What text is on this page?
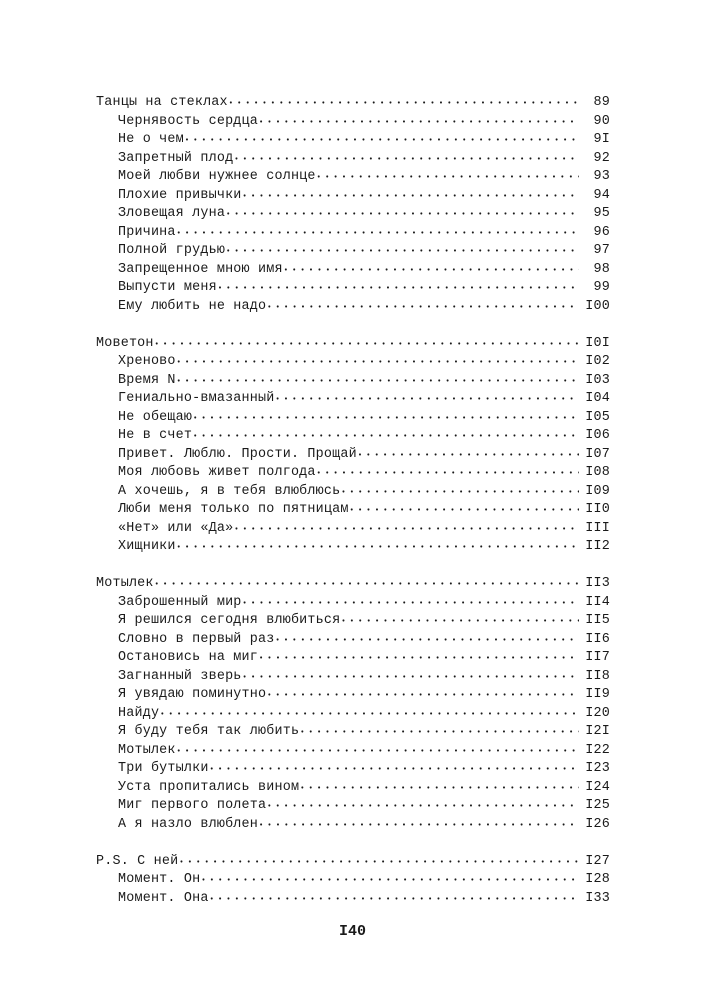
Танцы на стеклах • • •	89
Чернявость сердца • • •	90
Не о чем • • •	9I
Запретный плод • • •	92
Моей любви нужнее солнце • • •	93
Плохие привычки • • •	94
Зловещая луна • • •	95
Причина • • •	96
Полной грудью • • •	97
Запрещенное мною имя • • •	98
Выпусти меня • • •	99
Ему любить не надо • • •	I00
Моветон • • •	I0I
Хреново • • •	I02
Время N • • •	I03
Гениально-вмазанный • • •	I04
Не обещаю • • •	I05
Не в счет • • •	I06
Привет. Люблю. Прости. Прощай • • •	I07
Моя любовь живет полгода • • •	I08
А хочешь, я в тебя влюблюсь • • •	I09
Люби меня только по пятницам • • •	II0
«Нет» или «Да» • • •	III
Хищники • • •	II2
Мотылек • • •	II3
Заброшенный мир • • •	II4
Я решился сегодня влюбиться • • •	II5
Словно в первый раз • • •	II6
Остановись на миг • • •	II7
Загнанный зверь • • •	II8
Я увядаю поминутно • • •	II9
Найду • • •	I20
Я буду тебя так любить • • •	I2I
Мотылек • • •	I22
Три бутылки • • •	I23
Уста пропитались вином • • •	I24
Миг первого полета • • •	I25
А я назло влюблен • • •	I26
P.S. С ней • • •	I27
Момент. Он • • •	I28
Момент. Она • • •	I33
I40
